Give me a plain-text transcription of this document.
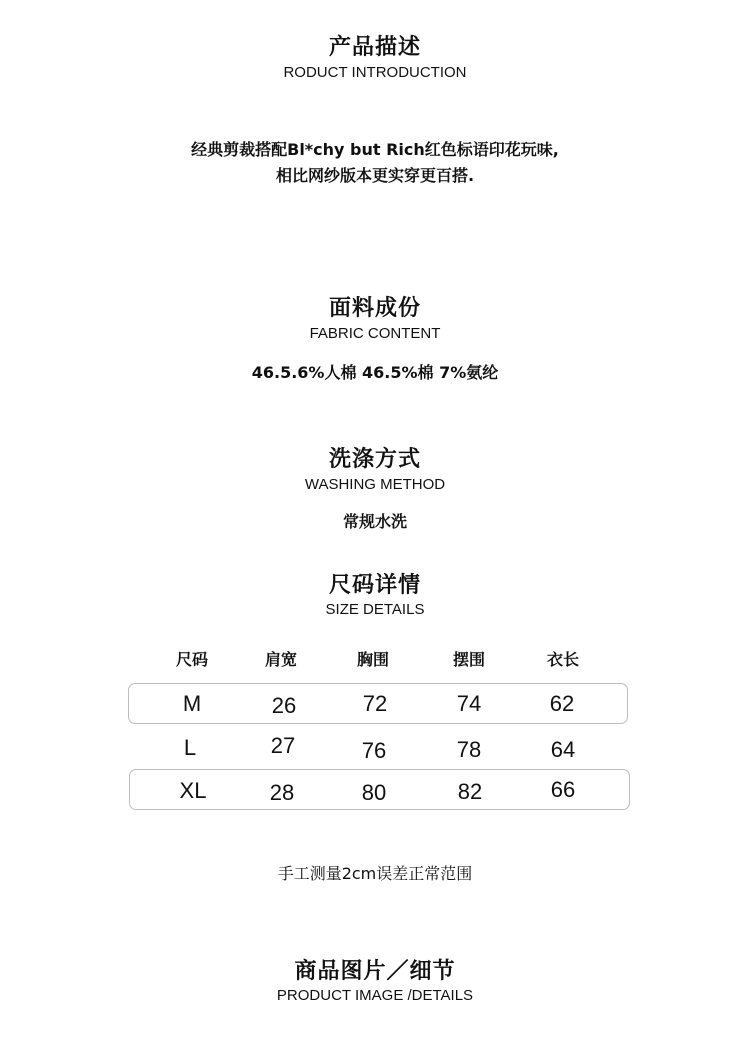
产品描述
RODUCT INTRODUCTION
经典剪裁搭配Bl*chy but Rich红色标语印花玩味,
相比网纱版本更实穿更百搭.
面料成份
FABRIC CONTENT
46.5.6%人棉 46.5%棉 7%氨纶
洗涤方式
WASHING METHOD
常规水洗
尺码详情
SIZE DETAILS
尺码	肩宽	胸围	摆围	衣长
M	26	72	74	62
L	27	76	78	64
XL	28	80	82	66
手工测量2cm误差正常范围
商品图片／细节
PRODUCT IMAGE /DETAILS
